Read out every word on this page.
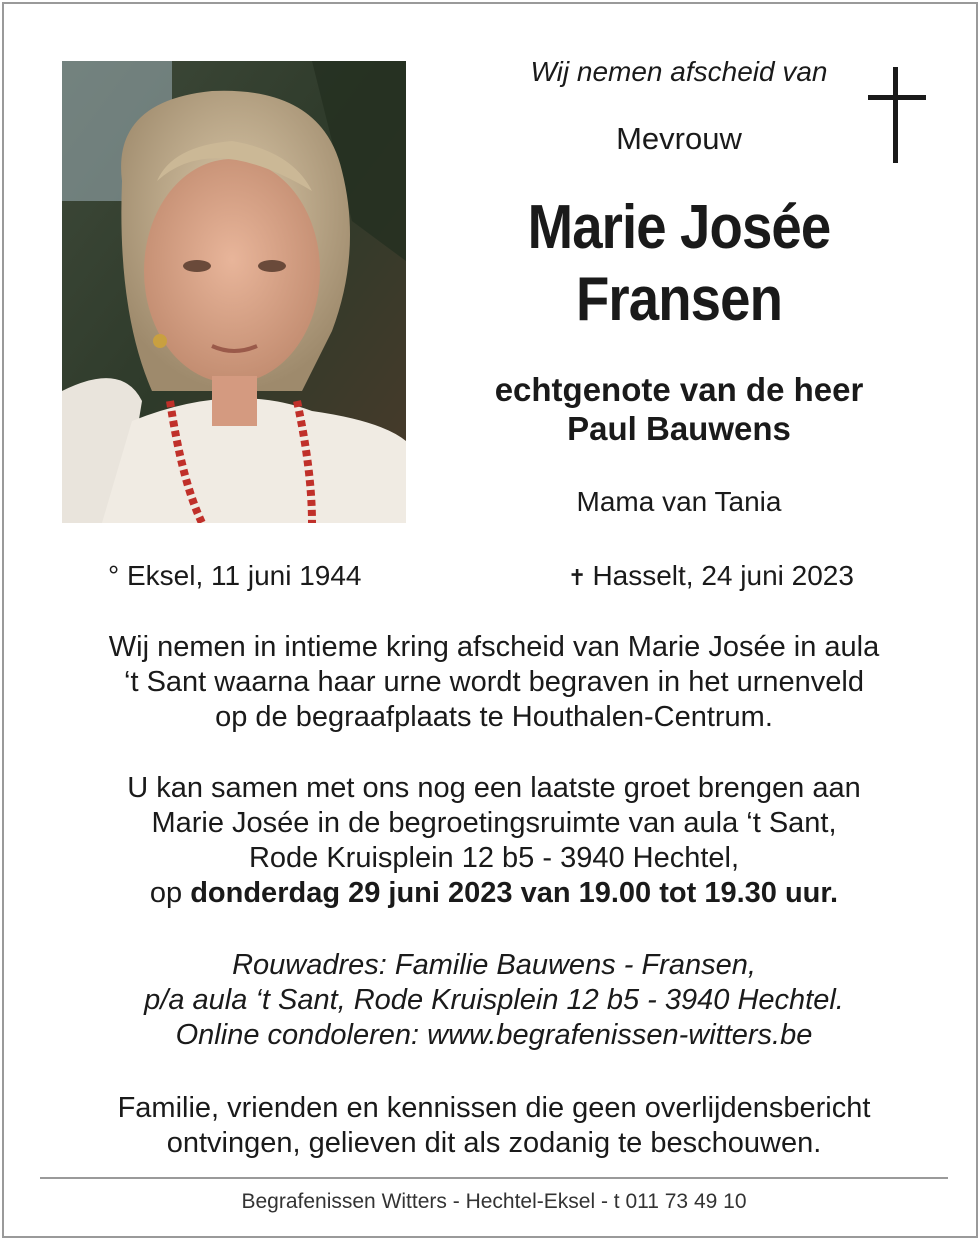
Wij nemen afscheid van
Mevrouw
Marie Josée
Fransen
echtgenote van de heer
Paul Bauwens
Mama van Tania
° Eksel, 11 juni 1944	✝ Hasselt, 24 juni 2023
Wij nemen in intieme kring afscheid van Marie Josée in aula
‘t Sant waarna haar urne wordt begraven in het urnenveld
op de begraafplaats te Houthalen-Centrum.
U kan samen met ons nog een laatste groet brengen aan
Marie Josée in de begroetingsruimte van aula ‘t Sant,
Rode Kruisplein 12 b5 - 3940 Hechtel,
op donderdag 29 juni 2023 van 19.00 tot 19.30 uur.
Rouwadres: Familie Bauwens - Fransen,
p/a aula ‘t Sant, Rode Kruisplein 12 b5 - 3940 Hechtel.
Online condoleren: www.begrafenissen-witters.be
Familie, vrienden en kennissen die geen overlijdensbericht
ontvingen, gelieven dit als zodanig te beschouwen.
Begrafenissen Witters - Hechtel-Eksel - t 011 73 49 10
